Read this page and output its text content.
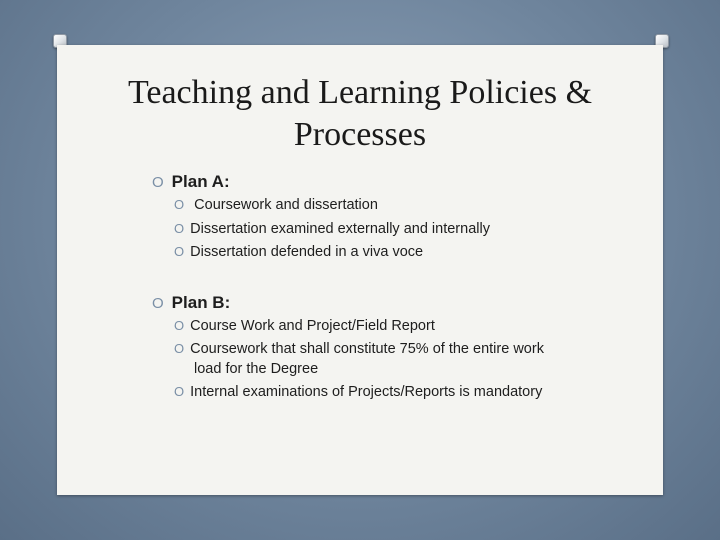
Teaching and Learning Policies &
Processes
O Plan A:
O Coursework and dissertation
O Dissertation examined externally and internally
O Dissertation defended in a viva voce
O Plan B:
O Course Work and Project/Field Report
O Coursework that shall constitute 75% of the entire work
load for the Degree
O Internal examinations of Projects/Reports is mandatory
